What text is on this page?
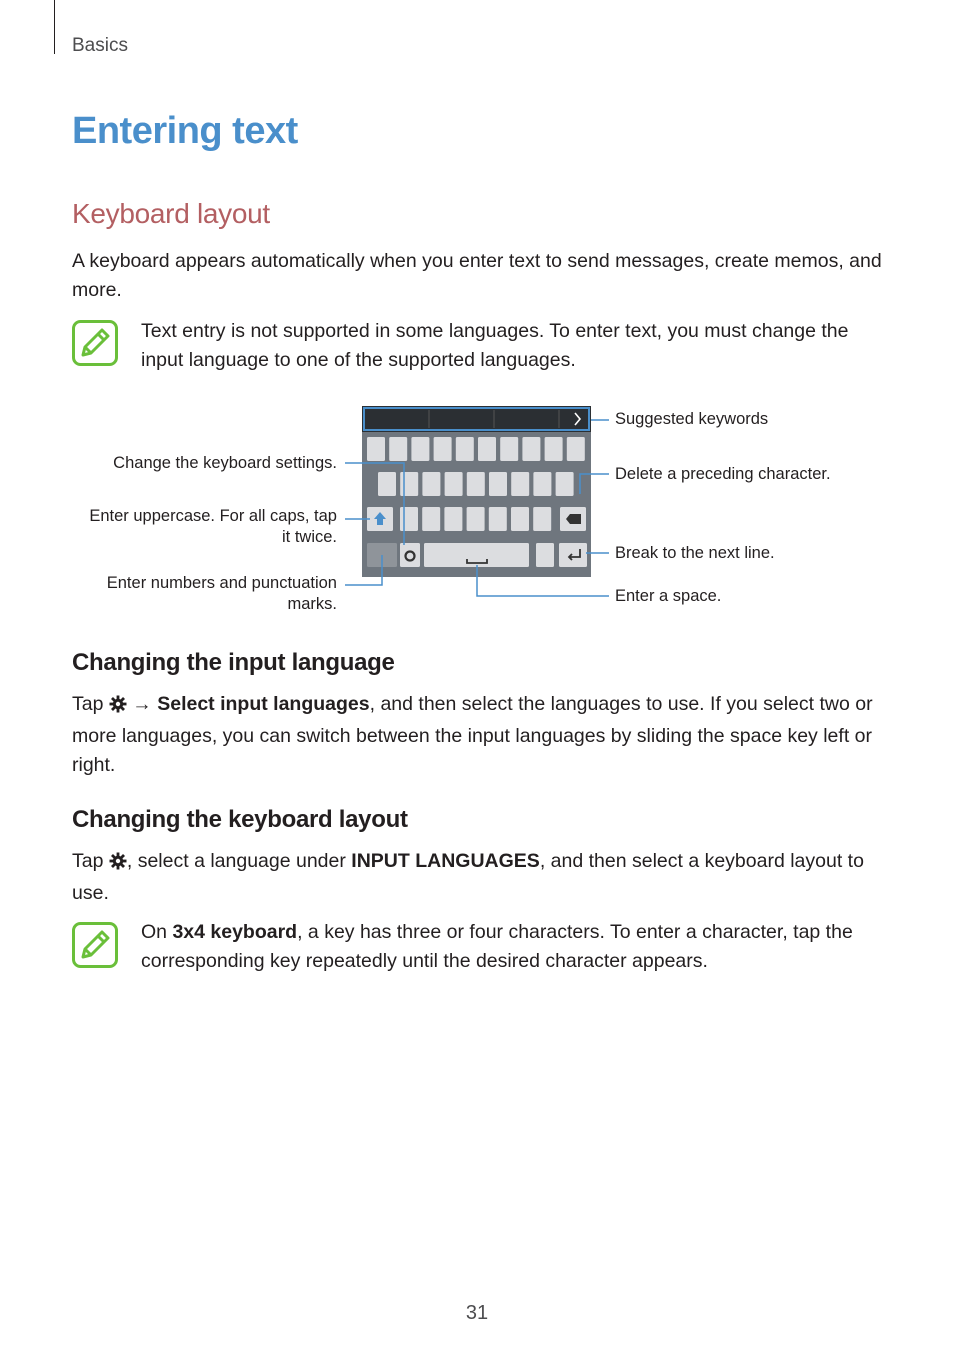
Basics
Entering text
Keyboard layout
A keyboard appears automatically when you enter text to send messages, create memos, and more.
Text entry is not supported in some languages. To enter text, you must change the input language to one of the supported languages.
Suggested keywords
Change the keyboard settings.
Delete a preceding character.
Enter uppercase. For all caps, tap
it twice.
Break to the next line.
Enter numbers and punctuation
marks.	Enter a space.
Changing the input language
Tap → Select input languages, and then select the languages to use. If you select two or
more languages, you can switch between the input languages by sliding the space key left or
right.
Changing the keyboard layout
Tap , select a language under INPUT LANGUAGES, and then select a keyboard layout to
use.
On 3x4 keyboard, a key has three or four characters. To enter a character, tap the
corresponding key repeatedly until the desired character appears.
31
